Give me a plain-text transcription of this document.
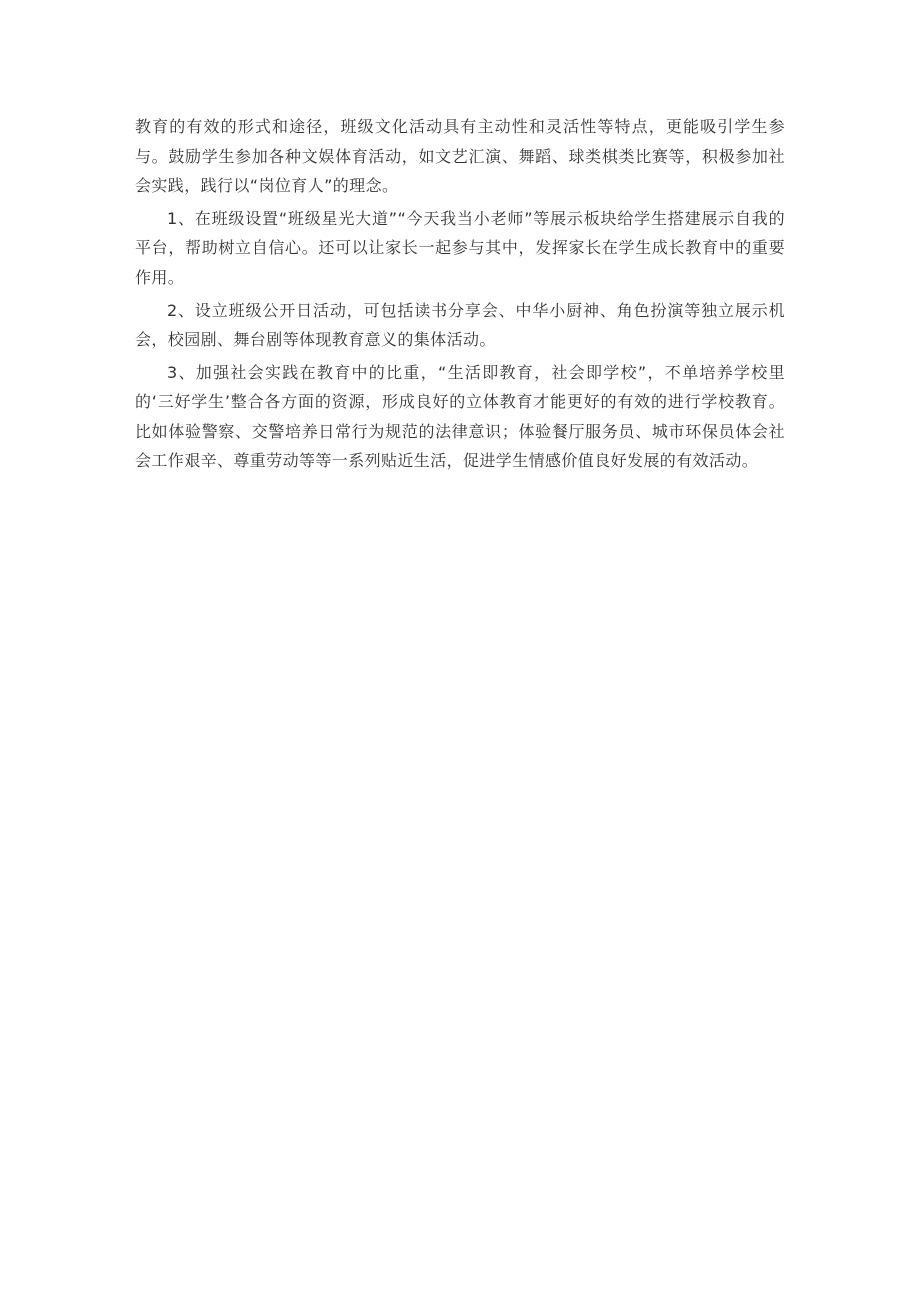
教育的有效的形式和途径，班级文化活动具有主动性和灵活性等特点，更能吸引学生参与。鼓励学生参加各种文娱体育活动，如文艺汇演、舞蹈、球类棋类比赛等，积极参加社会实践，践行以“岗位育人”的理念。

1、在班级设置“班级星光大道”“今天我当小老师”等展示板块给学生搭建展示自我的平台，帮助树立自信心。还可以让家长一起参与其中，发挥家长在学生成长教育中的重要作用。

2、设立班级公开日活动，可包括读书分享会、中华小厨神、角色扮演等独立展示机会，校园剧、舞台剧等体现教育意义的集体活动。

3、加强社会实践在教育中的比重，“生活即教育，社会即学校”，不单培养学校里的‘三好学生’整合各方面的资源，形成良好的立体教育才能更好的有效的进行学校教育。比如体验警察、交警培养日常行为规范的法律意识；体验餐厅服务员、城市环保员体会社会工作艰辛、尊重劳动等等一系列贴近生活，促进学生情感价值良好发展的有效活动。
